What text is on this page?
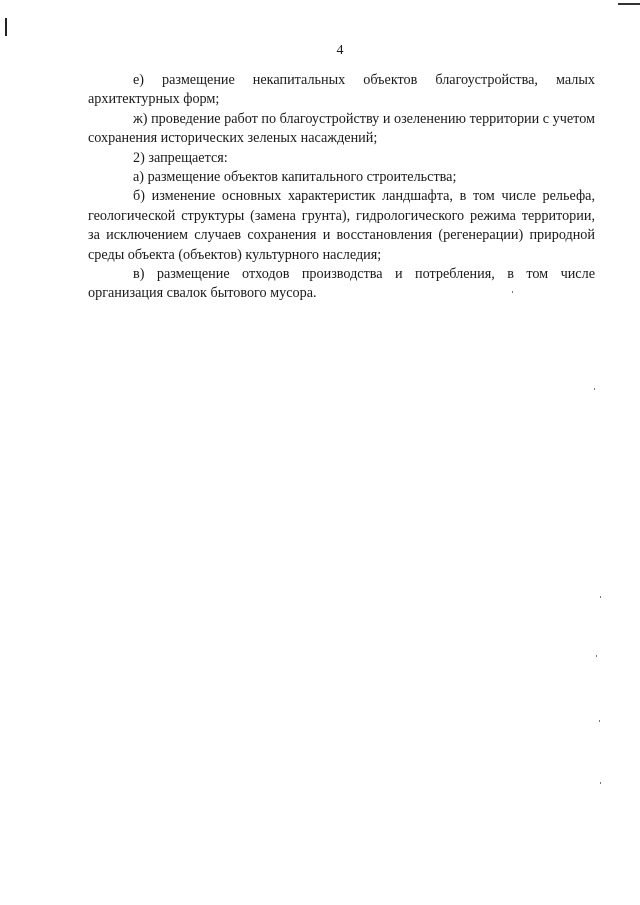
4

е) размещение некапитальных объектов благоустройства, малых архитектурных форм;

ж) проведение работ по благоустройству и озеленению территории с учетом сохранения исторических зеленых насаждений;

2) запрещается:

а) размещение объектов капитального строительства;

б) изменение основных характеристик ландшафта, в том числе рельефа, геологической структуры (замена грунта), гидрологического режима территории, за исключением случаев сохранения и восстановления (регенерации) природной среды объекта (объектов) культурного наследия;

в) размещение отходов производства и потребления, в том числе организация свалок бытового мусора.
